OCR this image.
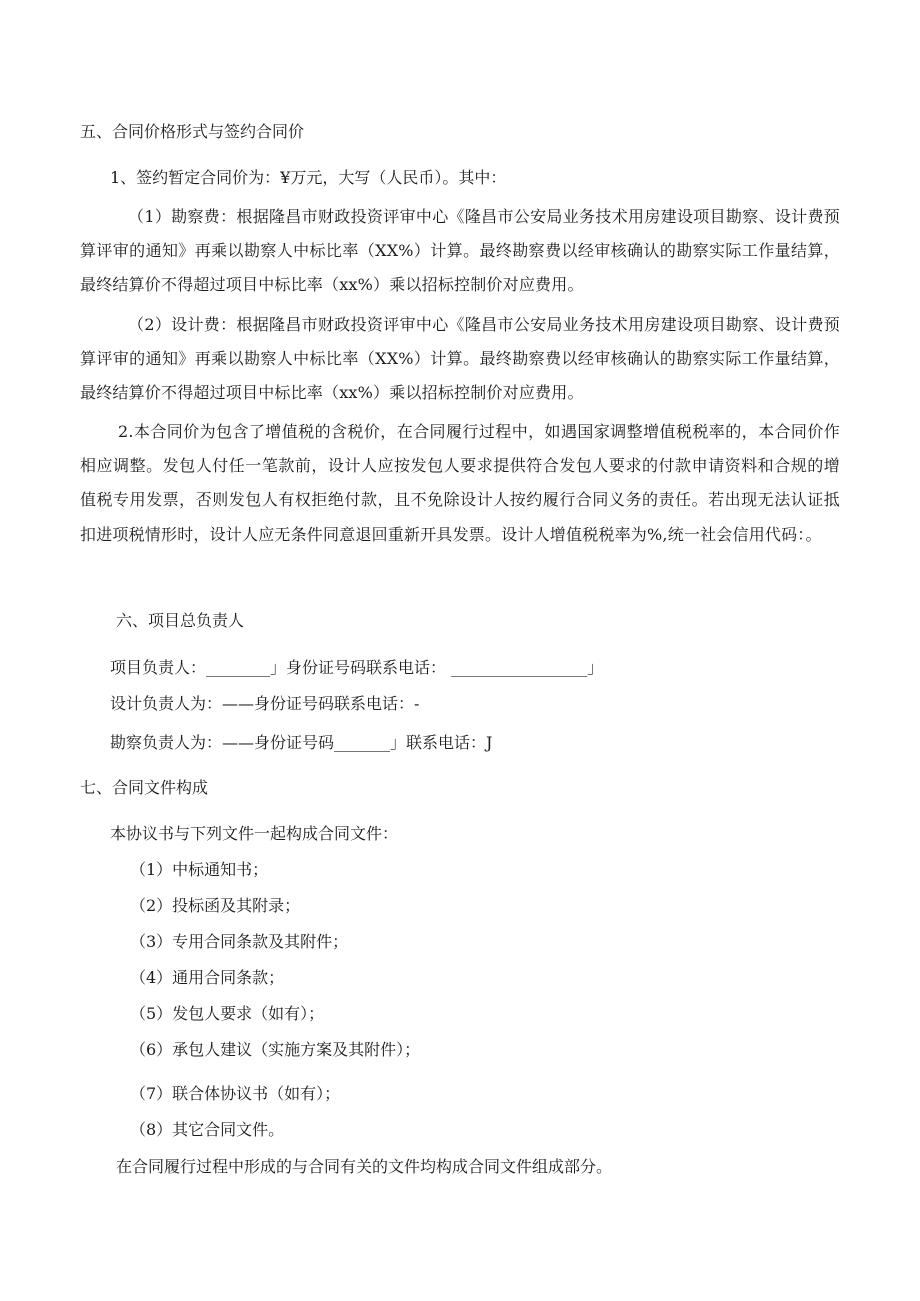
五、合同价格形式与签约合同价
1、签约暂定合同价为：¥万元，大写（人民币）。其中：
（1）勘察费：根据隆昌市财政投资评审中心《隆昌市公安局业务技术用房建设项目勘察、设计费预算评审的通知》再乘以勘察人中标比率（XX%）计算。最终勘察费以经审核确认的勘察实际工作量结算，最终结算价不得超过项目中标比率（xx%）乘以招标控制价对应费用。
（2）设计费：根据隆昌市财政投资评审中心《隆昌市公安局业务技术用房建设项目勘察、设计费预算评审的通知》再乘以勘察人中标比率（XX%）计算。最终勘察费以经审核确认的勘察实际工作量结算，最终结算价不得超过项目中标比率（xx%）乘以招标控制价对应费用。
2.本合同价为包含了增值税的含税价，在合同履行过程中，如遇国家调整增值税税率的，本合同价作相应调整。发包人付任一笔款前，设计人应按发包人要求提供符合发包人要求的付款申请资料和合规的增值税专用发票，否则发包人有权拒绝付款，且不免除设计人按约履行合同义务的责任。若出现无法认证抵扣进项税情形时，设计人应无条件同意退回重新开具发票。设计人增值税税率为%,统一社会信用代码：。
六、项目总负责人
项目负责人：________」身份证号码联系电话： _________________」
设计负责人为：——身份证号码联系电话：-
勘察负责人为：——身份证号码_______」联系电话：J
七、合同文件构成
本协议书与下列文件一起构成合同文件：
（1）中标通知书；
（2）投标函及其附录；
（3）专用合同条款及其附件；
（4）通用合同条款；
（5）发包人要求（如有）；
（6）承包人建议（实施方案及其附件）；
（7）联合体协议书（如有）；
（8）其它合同文件。
在合同履行过程中形成的与合同有关的文件均构成合同文件组成部分。
